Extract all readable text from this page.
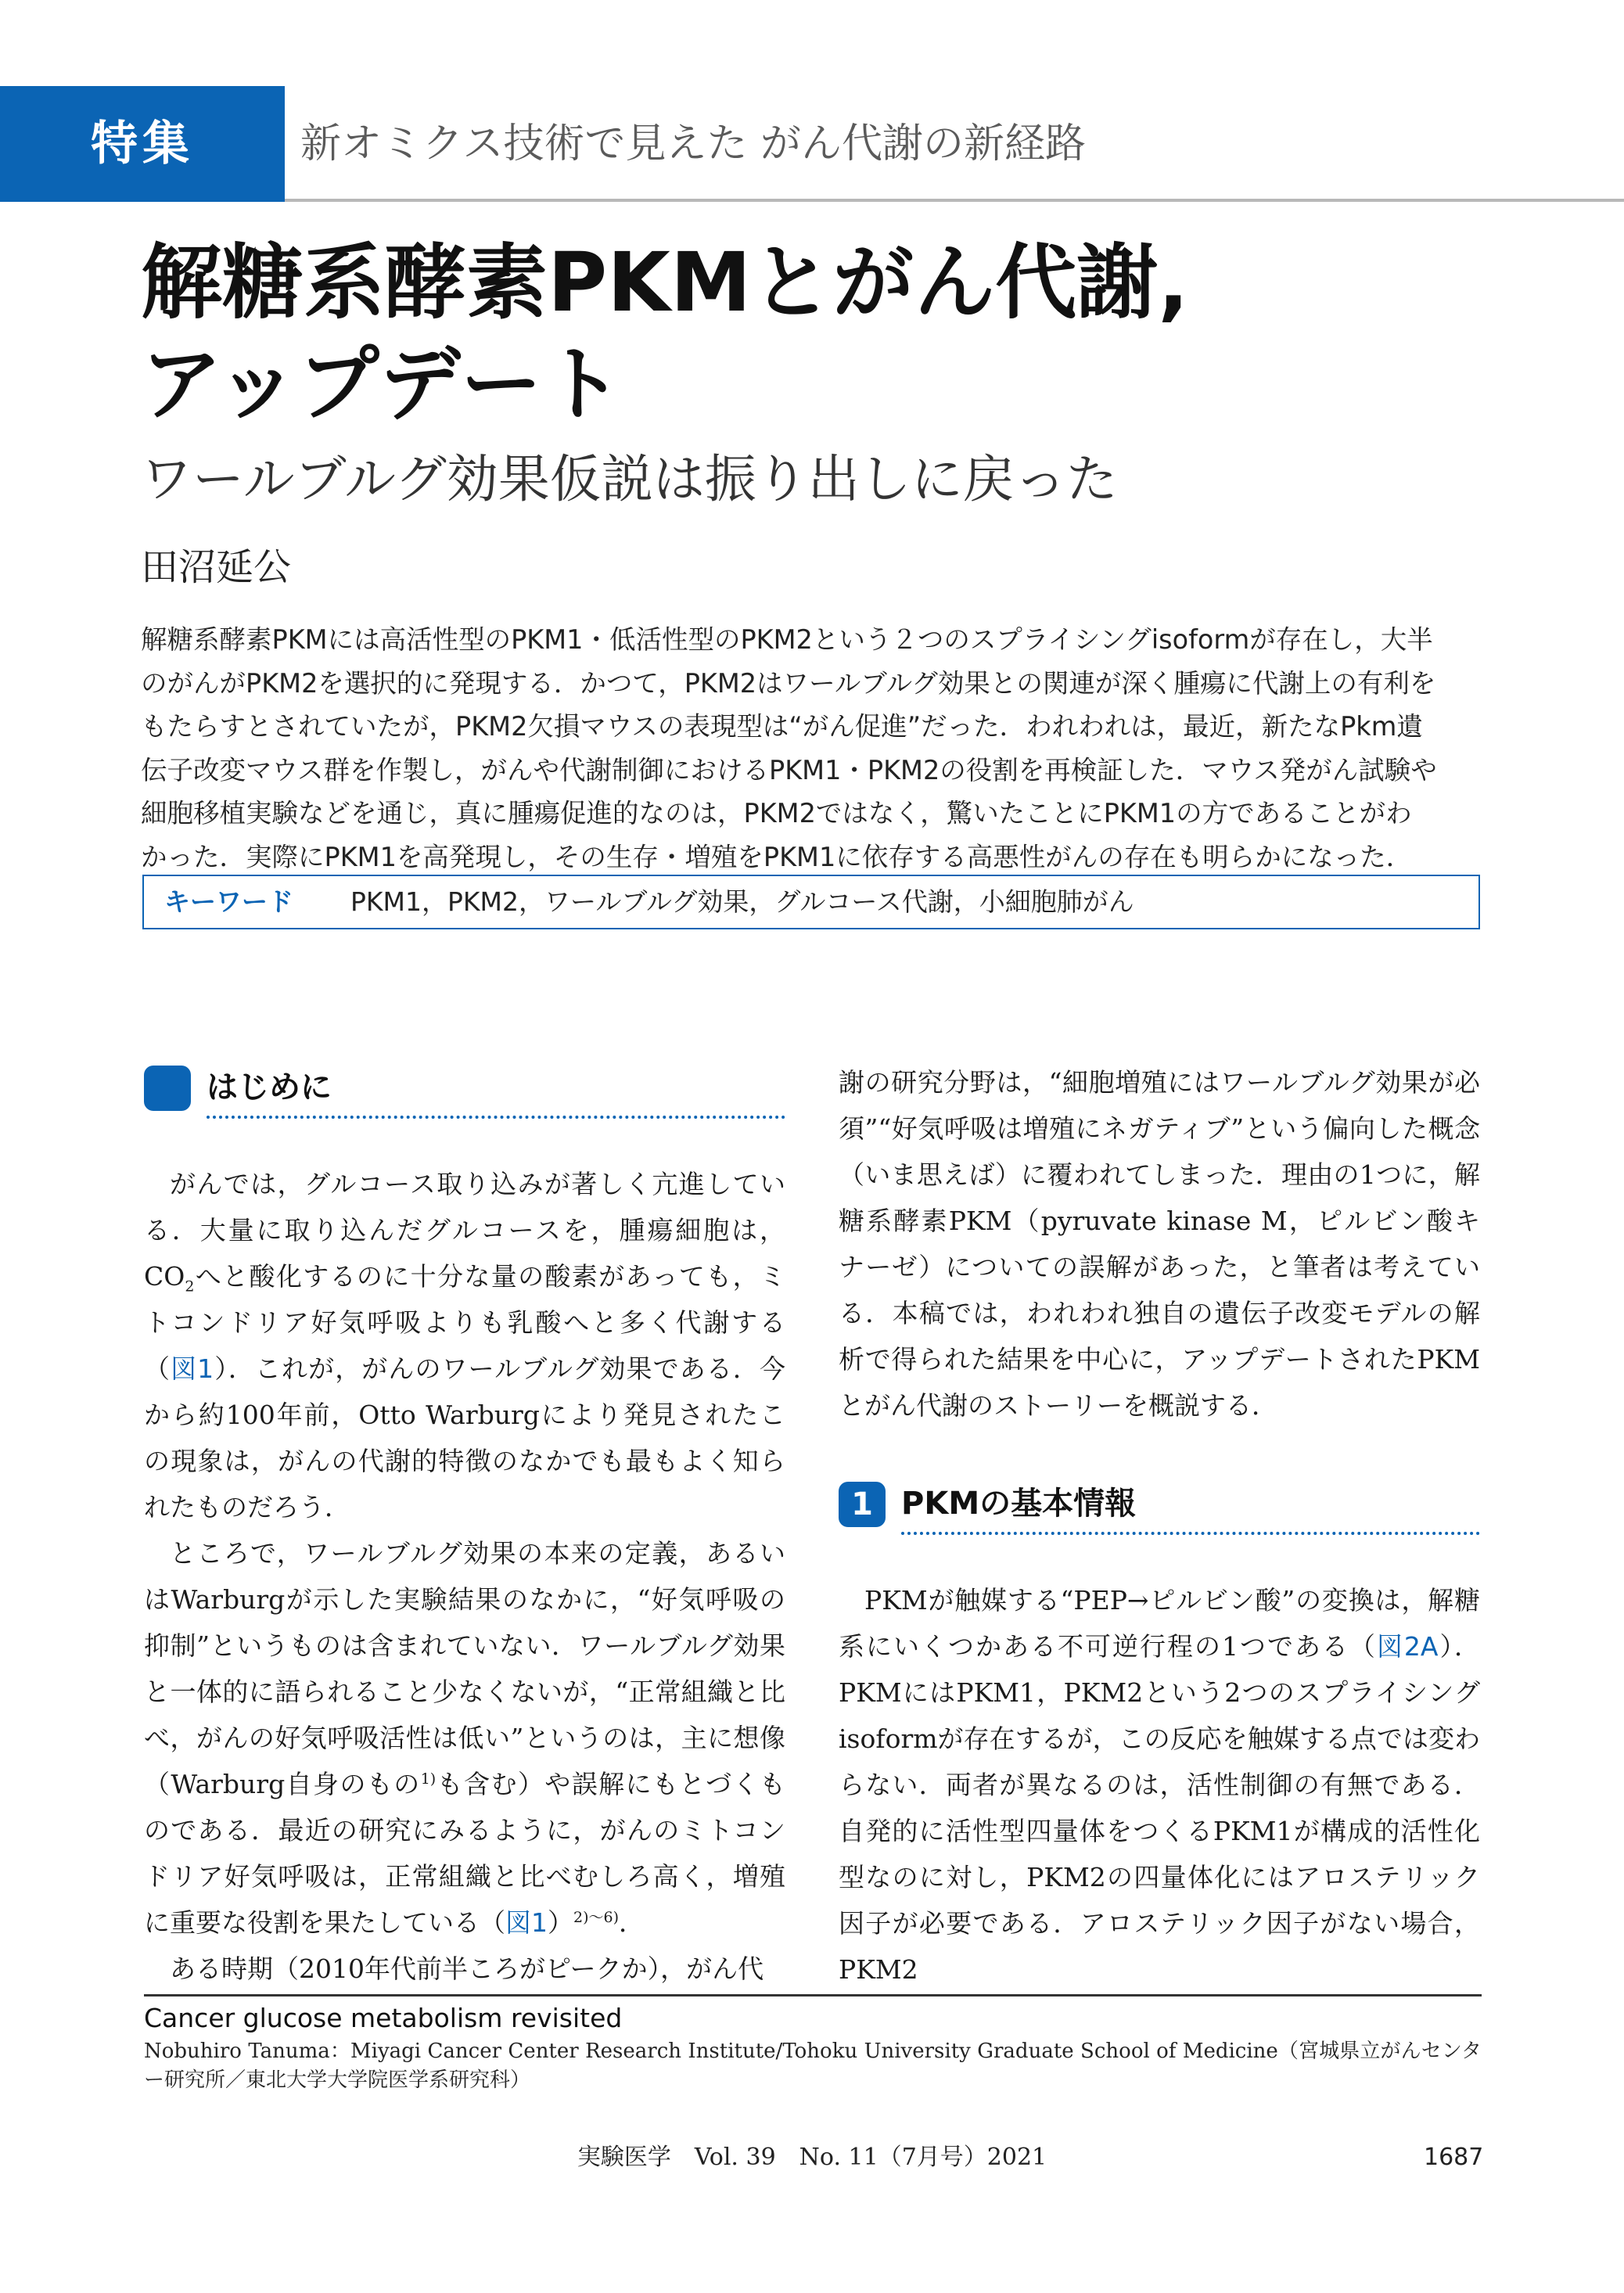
特集	新オミクス技術で見えた がん代謝の新経路
解糖系酵素PKMとがん代謝,
アップデート
ワールブルグ効果仮説は振り出しに戻った
田沼延公
解糖系酵素PKMには高活性型のPKM1・低活性型のPKM2という２つのスプライシングisoformが存在し，大半
のがんがPKM2を選択的に発現する．かつて，PKM2はワールブルグ効果との関連が深く腫瘍に代謝上の有利を
もたらすとされていたが，PKM2欠損マウスの表現型は“がん促進”だった．われわれは，最近，新たなPkm遺
伝子改変マウス群を作製し，がんや代謝制御におけるPKM1・PKM2の役割を再検証した．マウス発がん試験や
細胞移植実験などを通じ，真に腫瘍促進的なのは，PKM2ではなく，驚いたことにPKM1の方であることがわ
かった．実際にPKM1を高発現し，その生存・増殖をPKM1に依存する高悪性がんの存在も明らかになった．
キーワード PKM1，PKM2，ワールブルグ効果，グルコース代謝，小細胞肺がん
はじめに

がんでは，グルコース取り込みが著しく亢進している．大量に取り込んだグルコースを，腫瘍細胞は，$CO_2$へと酸化するのに十分な量の酸素があっても，ミトコンドリア好気呼吸よりも乳酸へと多く代謝する（図1）．これが，がんのワールブルグ効果である．今から約100年前，Otto Warburgにより発見されたこの現象は，がんの代謝的特徴のなかでも最もよく知られたものだろう．

ところで，ワールブルグ効果の本来の定義，あるいはWarburgが示した実験結果のなかに，“好気呼吸の抑制”というものは含まれていない．ワールブルグ効果と一体的に語られること少なくないが，“正常組織と比べ，がんの好気呼吸活性は低い”というのは，主に想像（Warburg自身のもの$^{1)}$も含む）や誤解にもとづくものである．最近の研究にみるように，がんのミトコンドリア好気呼吸は，正常組織と比べむしろ高く，増殖に重要な役割を果たしている（図1）$^{2)\sim 6)}$．

ある時期（2010年代前半ころがピークか），がん代

謝の研究分野は，“細胞増殖にはワールブルグ効果が必須”“好気呼吸は増殖にネガティブ”という偏向した概念（いま思えば）に覆われてしまった．理由の1つに，解糖系酵素PKM（pyruvate kinase M，ピルビン酸キナーゼ）についての誤解があった，と筆者は考えている．本稿では，われわれ独自の遺伝子改変モデルの解析で得られた結果を中心に，アップデートされたPKMとがん代謝のストーリーを概説する．

1 PKMの基本情報

PKMが触媒する“PEP→ピルビン酸”の変換は，解糖系にいくつかある不可逆行程の1つである（図2A）．PKMにはPKM1，PKM2という2つのスプライシングisoformが存在するが，この反応を触媒する点では変わらない．両者が異なるのは，活性制御の有無である．自発的に活性型四量体をつくるPKM1が構成的活性化型なのに対し，PKM2の四量体化にはアロステリック因子が必要である．アロステリック因子がない場合，PKM2

Cancer glucose metabolism revisited
Nobuhiro Tanuma：Miyagi Cancer Center Research Institute/Tohoku University Graduate School of Medicine（宮城県立がんセンター研究所／東北大学大学院医学系研究科）
実験医学　Vol. 39　No. 11（7月号）2021	1687
